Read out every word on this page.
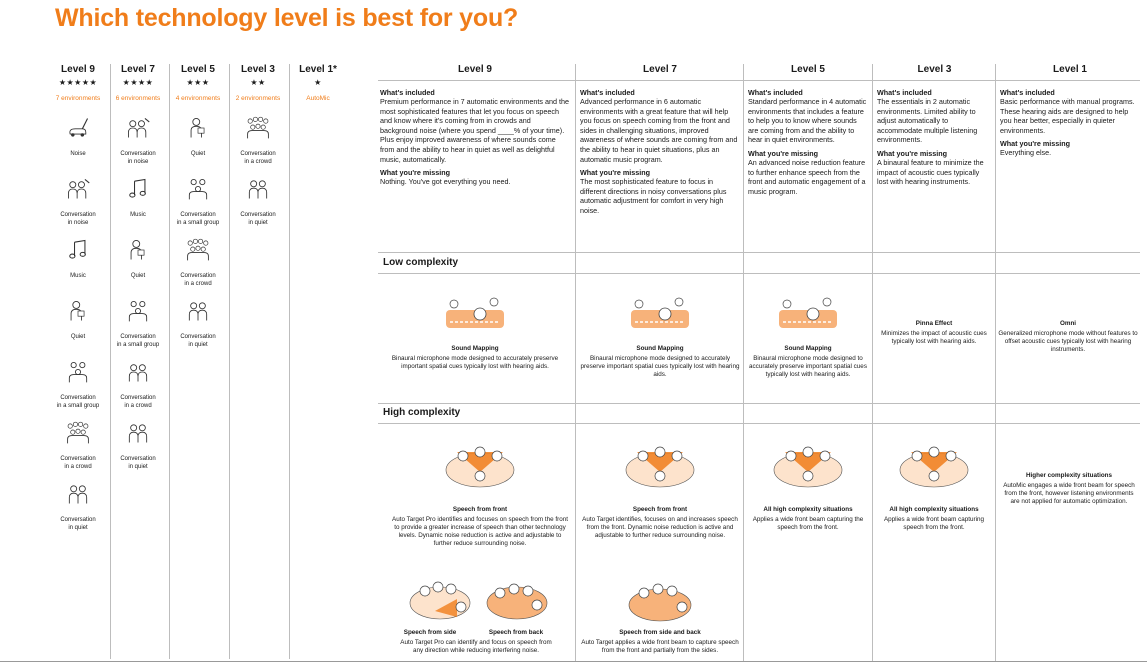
Which technology level is best for you?
Level 9
★★★★★
7 environments
Noise
Conversation
in noise
Music
Quiet
Conversation
in a small group
Conversation
in a crowd
Conversation
in quiet
Level 7
★★★★
6 environments
Conversation
in noise
Music
Quiet
Conversation
in a small group
Conversation
in a crowd
Conversation
in quiet
Level 5
★★★
4 environments
Quiet
Conversation
in a small group
Conversation
in a crowd
Conversation
in quiet
Level 3
★★
2 environments
Conversation
in a crowd
Conversation
in quiet
Level 1*
★
AutoMic
Level 9
What's included
Premium performance in 7 automatic environments and the most sophisticated features that let you focus on speech and know where it's coming from in crowds and background noise (where you spend ____% of your time). Plus enjoy improved awareness of where sounds come from and the ability to hear in quiet as well as delightful music, automatically.
What you're missing
Nothing. You've got everything you need.
Level 7
What's included
Advanced performance in 6 automatic environments with a great feature that will help you focus on speech coming from the front and sides in challenging situations, improved awareness of where sounds are coming from and the ability to hear in quiet situations, plus an automatic music program.
What you're missing
The most sophisticated feature to focus in different directions in noisy conversations plus automatic adjustment for comfort in very high noise.
Level 5
What's included
Standard performance in 4 automatic environments that includes a feature to help you to know where sounds are coming from and the ability to hear in quiet environments.
What you're missing
An advanced noise reduction feature to further enhance speech from the front and automatic engagement of a music program.
Level 3
What's included
The essentials in 2 automatic environments. Limited ability to adjust automatically to accommodate multiple listening environments.
What you're missing
A binaural feature to minimize the impact of acoustic cues typically lost with hearing instruments.
Level 1
What's included
Basic performance with manual programs. These hearing aids are designed to help you hear better, especially in quieter environments.
What you're missing
Everything else.
Low complexity
High complexity
Sound Mapping
Binaural microphone mode designed to accurately preserve important spatial cues typically lost with hearing aids.
Sound Mapping
Binaural microphone mode designed to accurately preserve important spatial cues typically lost with hearing aids.
Sound Mapping
Binaural microphone mode designed to accurately preserve important spatial cues typically lost with hearing aids.
Pinna Effect
Minimizes the impact of acoustic cues typically lost with hearing aids.
Omni
Generalized microphone mode without features to offset acoustic cues typically lost with hearing instruments.
Speech from front
Auto Target Pro identifies and focuses on speech from the front to provide a greater increase of speech than other technology levels. Dynamic noise reduction is active and adjustable to further reduce surrounding noise.
Speech from front
Auto Target identifies, focuses on and increases speech from the front. Dynamic noise reduction is active and adjustable to further reduce surrounding noise.
All high complexity situations
Applies a wide front beam capturing the speech from the front.
All high complexity situations
Applies a wide front beam capturing speech from the front.
Higher complexity situations
AutoMic engages a wide front beam for speech from the front, however listening environments are not applied for automatic optimization.
Speech from side	Speech from back
Auto Target Pro can identify and focus on speech from any direction while reducing interfering noise.
Speech from side and back
Auto Target applies a wide front beam to capture speech from the front and partially from the sides.
